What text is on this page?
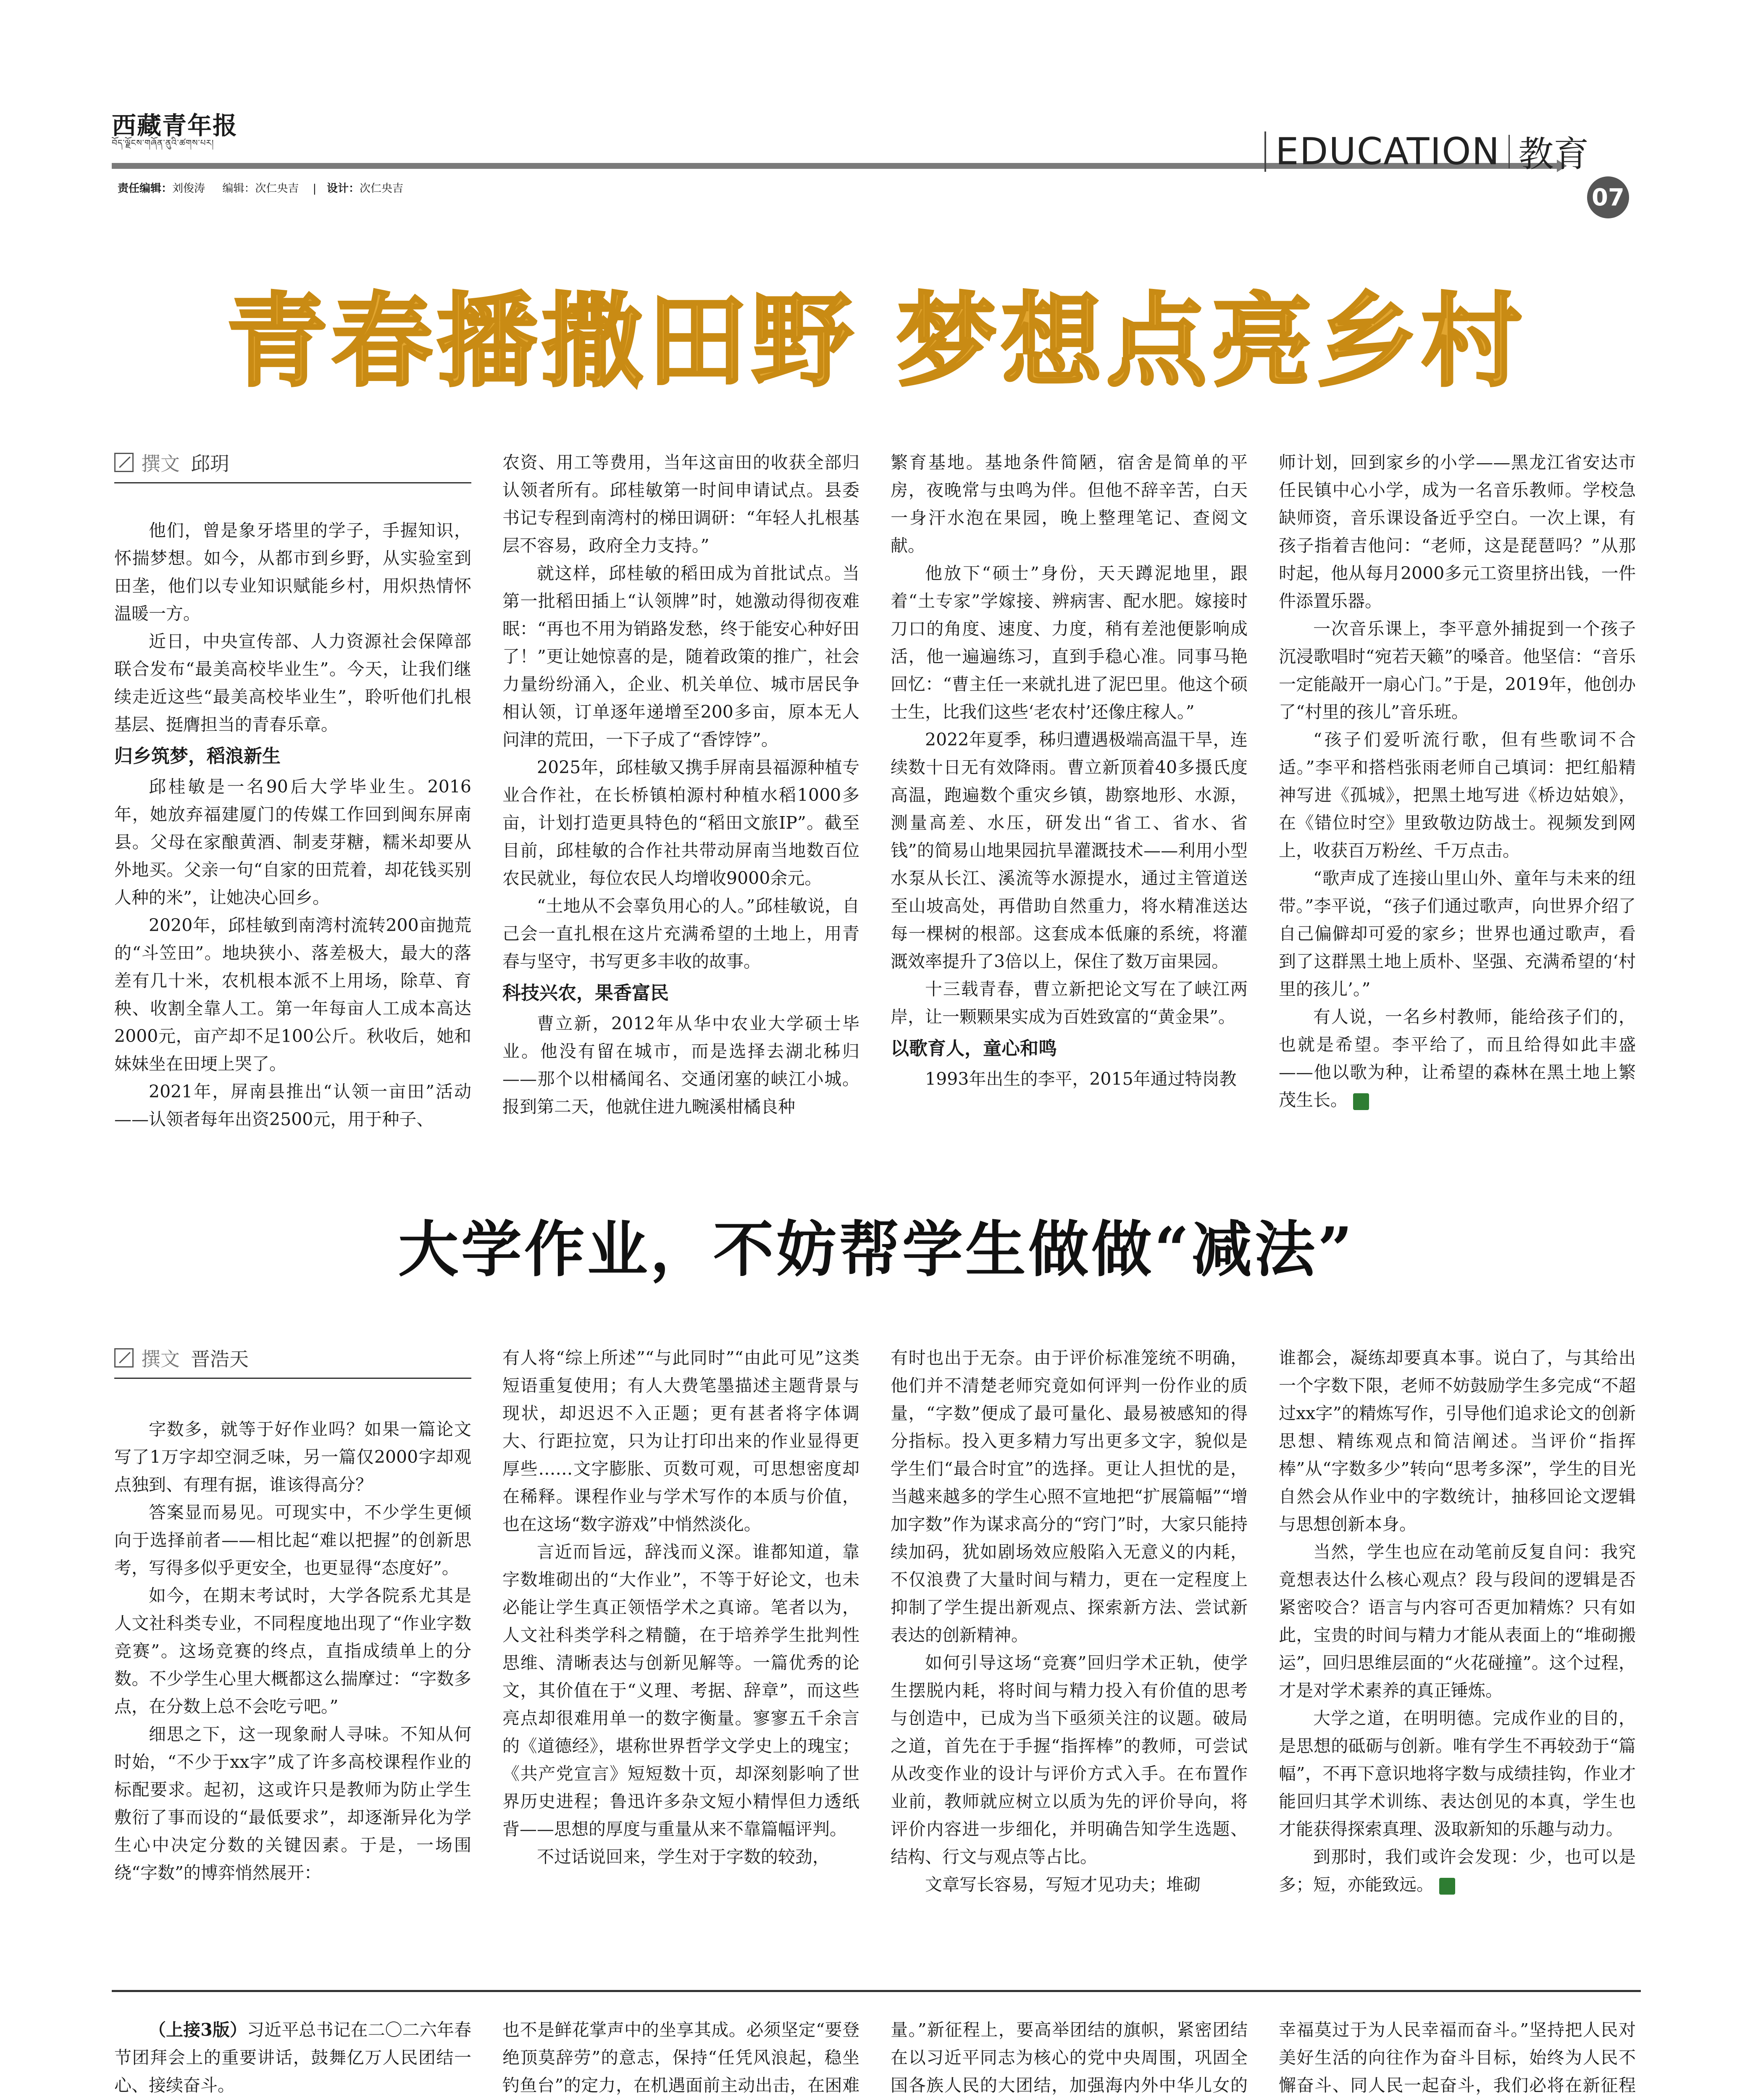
西藏青年报
བོད་ལྗོངས་གཞོན་ནུའི་ཚགས་པར།
责任编辑：刘俊涛 编辑：次仁央吉    |   设计：次仁央吉
EDUCATION 教育
07
青春播撒田野 梦想点亮乡村
撰文 邱玥

他们，曾是象牙塔里的学子，手握知识，怀揣梦想。如今，从都市到乡野，从实验室到田垄，他们以专业知识赋能乡村，用炽热情怀温暖一方。

近日，中央宣传部、人力资源社会保障部联合发布“最美高校毕业生”。今天，让我们继续走近这些“最美高校毕业生”，聆听他们扎根基层、挺膺担当的青春乐章。

归乡筑梦，稻浪新生

邱桂敏是一名90后大学毕业生。2016年，她放弃福建厦门的传媒工作回到闽东屏南县。父母在家酿黄酒、制麦芽糖，糯米却要从外地买。父亲一句“自家的田荒着，却花钱买别人种的米”，让她决心回乡。

2020年，邱桂敏到南湾村流转200亩抛荒的“斗笠田”。地块狭小、落差极大，最大的落差有几十米，农机根本派不上用场，除草、育秧、收割全靠人工。第一年每亩人工成本高达2000元，亩产却不足100公斤。秋收后，她和妹妹坐在田埂上哭了。

2021年，屏南县推出“认领一亩田”活动——认领者每年出资2500元，用于种子、

农资、用工等费用，当年这亩田的收获全部归认领者所有。邱桂敏第一时间申请试点。县委书记专程到南湾村的梯田调研：“年轻人扎根基层不容易，政府全力支持。”

就这样，邱桂敏的稻田成为首批试点。当第一批稻田插上“认领牌”时，她激动得彻夜难眠：“再也不用为销路发愁，终于能安心种好田了！”更让她惊喜的是，随着政策的推广，社会力量纷纷涌入，企业、机关单位、城市居民争相认领，订单逐年递增至200多亩，原本无人问津的荒田，一下子成了“香饽饽”。

2025年，邱桂敏又携手屏南县福源种植专业合作社，在长桥镇柏源村种植水稻1000多亩，计划打造更具特色的“稻田文旅IP”。截至目前，邱桂敏的合作社共带动屏南当地数百位农民就业，每位农民人均增收9000余元。

“土地从不会辜负用心的人。”邱桂敏说，自己会一直扎根在这片充满希望的土地上，用青春与坚守，书写更多丰收的故事。

科技兴农，果香富民

曹立新，2012年从华中农业大学硕士毕业。他没有留在城市，而是选择去湖北秭归——那个以柑橘闻名、交通闭塞的峡江小城。报到第二天，他就住进九畹溪柑橘良种

繁育基地。基地条件简陋，宿舍是简单的平房，夜晚常与虫鸣为伴。但他不辞辛苦，白天一身汗水泡在果园，晚上整理笔记、查阅文献。

他放下“硕士”身份，天天蹲泥地里，跟着“土专家”学嫁接、辨病害、配水肥。嫁接时刀口的角度、速度、力度，稍有差池便影响成活，他一遍遍练习，直到手稳心准。同事马艳回忆：“曹主任一来就扎进了泥巴里。他这个硕士生，比我们这些‘老农村’还像庄稼人。”

2022年夏季，秭归遭遇极端高温干旱，连续数十日无有效降雨。曹立新顶着40多摄氏度高温，跑遍数个重灾乡镇，勘察地形、水源，测量高差、水压，研发出“省工、省水、省钱”的简易山地果园抗旱灌溉技术——利用小型水泵从长江、溪流等水源提水，通过主管道送至山坡高处，再借助自然重力，将水精准送达每一棵树的根部。这套成本低廉的系统，将灌溉效率提升了3倍以上，保住了数万亩果园。

十三载青春，曹立新把论文写在了峡江两岸，让一颗颗果实成为百姓致富的“黄金果”。

以歌育人，童心和鸣

1993年出生的李平，2015年通过特岗教

师计划，回到家乡的小学——黑龙江省安达市任民镇中心小学，成为一名音乐教师。学校急缺师资，音乐课设备近乎空白。一次上课，有孩子指着吉他问：“老师，这是琵琶吗？”从那时起，他从每月2000多元工资里挤出钱，一件件添置乐器。

一次音乐课上，李平意外捕捉到一个孩子沉浸歌唱时“宛若天籁”的嗓音。他坚信：“音乐一定能敲开一扇心门。”于是，2019年，他创办了“村里的孩儿”音乐班。

“孩子们爱听流行歌，但有些歌词不合适。”李平和搭档张雨老师自己填词：把红船精神写进《孤城》，把黑土地写进《桥边姑娘》，在《错位时空》里致敬边防战士。视频发到网上，收获百万粉丝、千万点击。

“歌声成了连接山里山外、童年与未来的纽带。”李平说，“孩子们通过歌声，向世界介绍了自己偏僻却可爱的家乡；世界也通过歌声，看到了这群黑土地上质朴、坚强、充满希望的‘村里的孩儿’。”

有人说，一名乡村教师，能给孩子们的，也就是希望。李平给了，而且给得如此丰盛——他以歌为种，让希望的森林在黑土地上繁茂生长。	青

大学作业，不妨帮学生做做“减法”
撰文 晋浩天

字数多，就等于好作业吗？如果一篇论文写了1万字却空洞乏味，另一篇仅2000字却观点独到、有理有据，谁该得高分？

答案显而易见。可现实中，不少学生更倾向于选择前者——相比起“难以把握”的创新思考，写得多似乎更安全，也更显得“态度好”。

如今，在期末考试时，大学各院系尤其是人文社科类专业，不同程度地出现了“作业字数竞赛”。这场竞赛的终点，直指成绩单上的分数。不少学生心里大概都这么揣摩过：“字数多点，在分数上总不会吃亏吧。”

细思之下，这一现象耐人寻味。不知从何时始，“不少于xx字”成了许多高校课程作业的标配要求。起初，这或许只是教师为防止学生敷衍了事而设的“最低要求”，却逐渐异化为学生心中决定分数的关键因素。于是，一场围绕“字数”的博弈悄然展开：

有人将“综上所述”“与此同时”“由此可见”这类短语重复使用；有人大费笔墨描述主题背景与现状，却迟迟不入正题；更有甚者将字体调大、行距拉宽，只为让打印出来的作业显得更厚些……文字膨胀、页数可观，可思想密度却在稀释。课程作业与学术写作的本质与价值，也在这场“数字游戏”中悄然淡化。

言近而旨远，辞浅而义深。谁都知道，靠字数堆砌出的“大作业”，不等于好论文，也未必能让学生真正领悟学术之真谛。笔者以为，人文社科类学科之精髓，在于培养学生批判性思维、清晰表达与创新见解等。一篇优秀的论文，其价值在于“义理、考据、辞章”，而这些亮点却很难用单一的数字衡量。寥寥五千余言的《道德经》，堪称世界哲学文学史上的瑰宝；《共产党宣言》短短数十页，却深刻影响了世界历史进程；鲁迅许多杂文短小精悍但力透纸背——思想的厚度与重量从来不靠篇幅评判。

不过话说回来，学生对于字数的较劲，

有时也出于无奈。由于评价标准笼统不明确，他们并不清楚老师究竟如何评判一份作业的质量，“字数”便成了最可量化、最易被感知的得分指标。投入更多精力写出更多文字，貌似是学生们“最合时宜”的选择。更让人担忧的是，当越来越多的学生心照不宣地把“扩展篇幅”“增加字数”作为谋求高分的“窍门”时，大家只能持续加码，犹如剧场效应般陷入无意义的内耗，不仅浪费了大量时间与精力，更在一定程度上抑制了学生提出新观点、探索新方法、尝试新表达的创新精神。

如何引导这场“竞赛”回归学术正轨，使学生摆脱内耗，将时间与精力投入有价值的思考与创造中，已成为当下亟须关注的议题。破局之道，首先在于手握“指挥棒”的教师，可尝试从改变作业的设计与评价方式入手。在布置作业前，教师就应树立以质为先的评价导向，将评价内容进一步细化，并明确告知学生选题、结构、行文与观点等占比。

文章写长容易，写短才见功夫；堆砌

谁都会，凝练却要真本事。说白了，与其给出一个字数下限，老师不妨鼓励学生多完成“不超过xx字”的精炼写作，引导他们追求论文的创新思想、精练观点和简洁阐述。当评价“指挥棒”从“字数多少”转向“思考多深”，学生的目光自然会从作业中的字数统计，抽移回论文逻辑与思想创新本身。

当然，学生也应在动笔前反复自问：我究竟想表达什么核心观点？段与段间的逻辑是否紧密咬合？语言与内容可否更加精炼？只有如此，宝贵的时间与精力才能从表面上的“堆砌搬运”，回归思维层面的“火花碰撞”。这个过程，才是对学术素养的真正锤炼。

大学之道，在明明德。完成作业的目的，是思想的砥砺与创新。唯有学生不再较劲于“篇幅”，不再下意识地将字数与成绩挂钩，作业才能回归其学术训练、表达创见的本真，学生也才能获得探索真理、汲取新知的乐趣与动力。

到那时，我们或许会发现：少，也可以是多；短，亦能致远。	青

（上接3版）习近平总书记在二〇二六年春节团拜会上的重要讲话，鼓舞亿万人民团结一心、接续奋斗。

也不是鲜花掌声中的坐享其成。必须坚定“要登绝顶莫辞劳”的意志，保持“任凭风浪起，稳坐钓鱼台”的定力，在机遇面前主动出击，在困难

量。”新征程上，要高举团结的旗帜，紧密团结在以习近平同志为核心的党中央周围，巩固全国各族人民的大团结，加强海内外中华儿女的

幸福莫过于为人民幸福而奋斗。”坚持把人民对美好生活的向往作为奋斗目标，始终为人民不懈奋斗、同人民一起奋斗，我们必将在新征程
